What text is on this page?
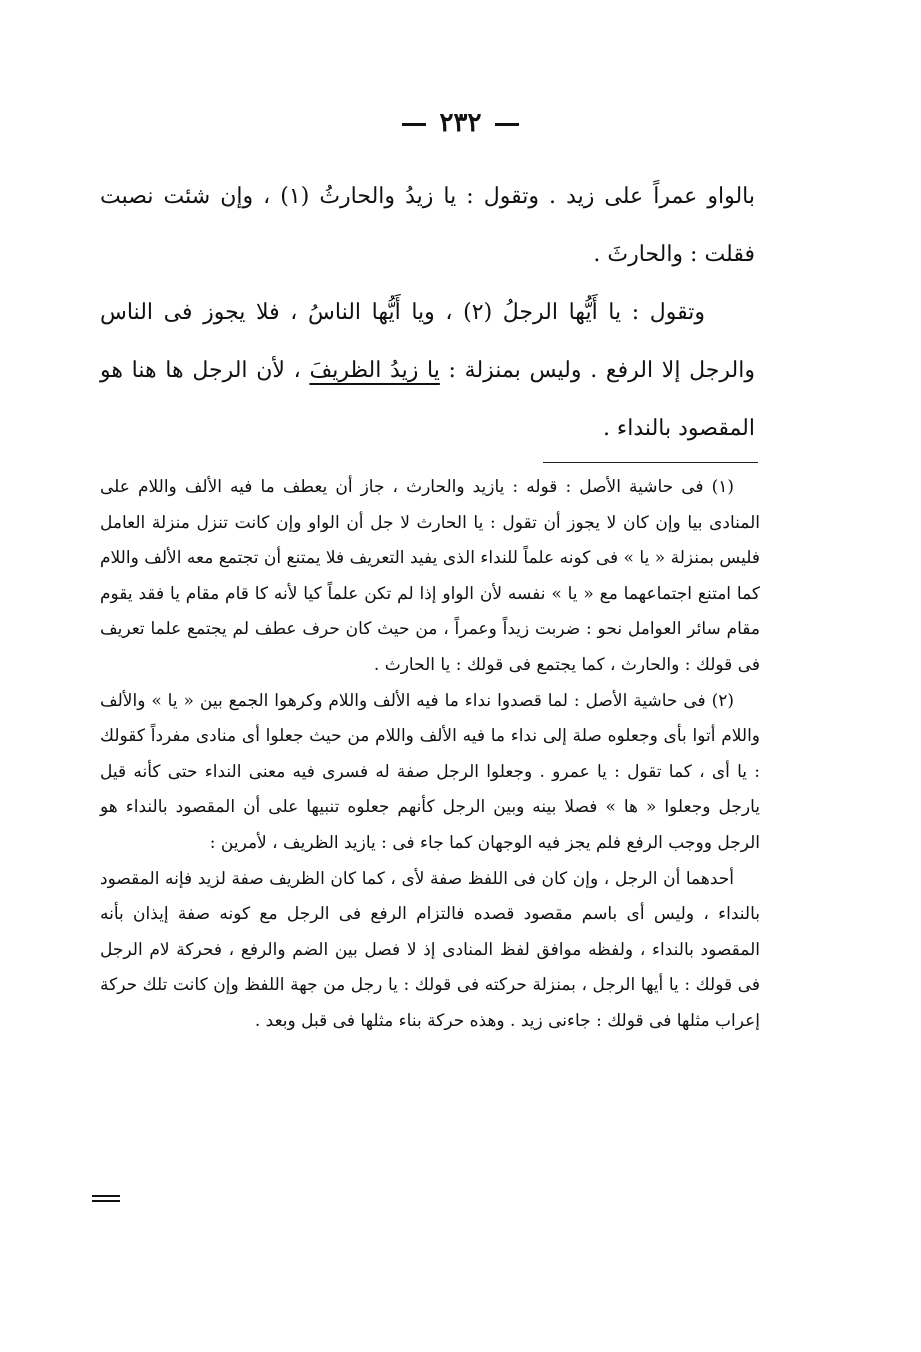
٢٣٢

بالواو عمراً على زيد . وتقول : يا زيدُ والحارثُ (١) ، وإن شئت نصبت فقلت : والحارثَ .

وتقول : يا أَيُّها الرجلُ (٢) ، ويا أَيُّها الناسُ ، فلا يجوز فى الناس والرجل إلا الرفع . وليس بمنزلة : يا زيدُ الظريفَ ، لأن الرجل ها هنا هو المقصود بالنداء .

(١) فى حاشية الأصل : قوله : يازيد والحارث ، جاز أن يعطف ما فيه الألف واللام على المنادى بيا وإن كان لا يجوز أن تقول : يا الحارث لا جل أن الواو وإن كانت تنزل منزلة العامل فليس بمنزلة « يا » فى كونه علماً للنداء الذى يفيد التعريف فلا يمتنع أن تجتمع معه الألف واللام كما امتنع اجتماعهما مع « يا » نفسه لأن الواو إذا لم تكن علماً كيا لأنه كا قام مقام يا فقد يقوم مقام سائر العوامل نحو : ضربت زيداً وعمراً ، من حيث كان حرف عطف لم يجتمع علما تعريف فى قولك : والحارث ، كما يجتمع فى قولك : يا الحارث .

(٢) فى حاشية الأصل : لما قصدوا نداء ما فيه الألف واللام وكرهوا الجمع بين « يا » والألف واللام أتوا بأى وجعلوه صلة إلى نداء ما فيه الألف واللام من حيث جعلوا أى منادى مفرداً كقولك : يا أى ، كما تقول : يا عمرو . وجعلوا الرجل صفة له فسرى فيه معنى النداء حتى كأنه قيل يارجل وجعلوا « ها » فصلا بينه وبين الرجل كأنهم جعلوه تنبيها على أن المقصود بالنداء هو الرجل ووجب الرفع فلم يجز فيه الوجهان كما جاء فى : يازيد الظريف ، لأمرين :

أحدهما أن الرجل ، وإن كان فى اللفظ صفة لأى ، كما كان الظريف صفة لزيد فإنه المقصود بالنداء ، وليس أى باسم مقصود قصده فالتزام الرفع فى الرجل مع كونه صفة إيذان بأنه المقصود بالنداء ، ولفظه موافق لفظ المنادى إذ لا فصل بين الضم والرفع ، فحركة لام الرجل فى قولك : يا أيها الرجل ، بمنزلة حركته فى قولك : يا رجل من جهة اللفظ وإن كانت تلك حركة إعراب مثلها فى قولك : جاءنى زيد . وهذه حركة بناء مثلها فى قبل وبعد .
